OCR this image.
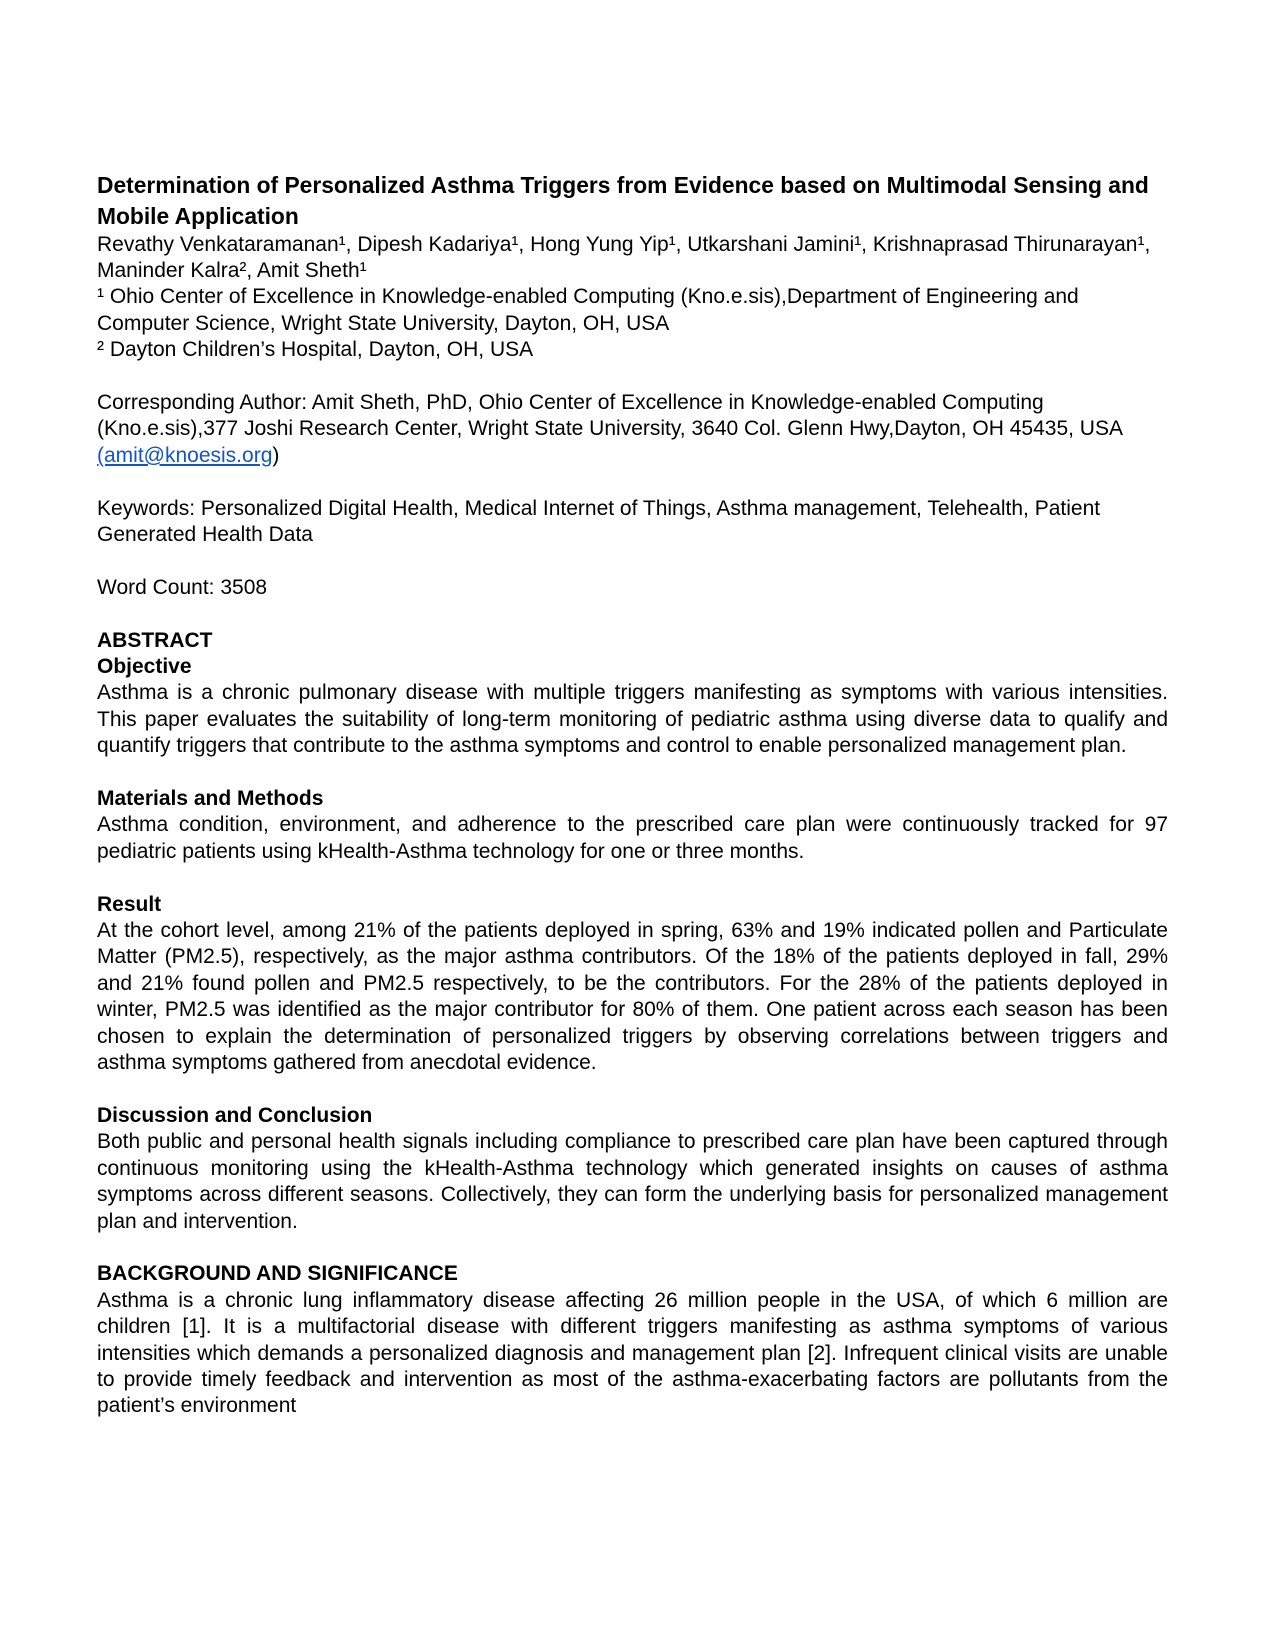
Determination of Personalized Asthma Triggers from Evidence based on Multimodal Sensing and Mobile Application

Revathy Venkataramanan¹, Dipesh Kadariya¹, Hong Yung Yip¹, Utkarshani Jamini¹, Krishnaprasad Thirunarayan¹, Maninder Kalra², Amit Sheth¹

¹ Ohio Center of Excellence in Knowledge-enabled Computing (Kno.e.sis),Department of Engineering and Computer Science, Wright State University, Dayton, OH, USA

² Dayton Children’s Hospital, Dayton, OH, USA

Corresponding Author: Amit Sheth, PhD, Ohio Center of Excellence in Knowledge-enabled Computing (Kno.e.sis),377 Joshi Research Center, Wright State University, 3640 Col. Glenn Hwy,Dayton, OH 45435, USA (amit@knoesis.org)

Keywords: Personalized Digital Health, Medical Internet of Things, Asthma management, Telehealth, Patient Generated Health Data

Word Count: 3508

ABSTRACT
Objective

Asthma is a chronic pulmonary disease with multiple triggers manifesting as symptoms with various intensities. This paper evaluates the suitability of long-term monitoring of pediatric asthma using diverse data to qualify and quantify triggers that contribute to the asthma symptoms and control to enable personalized management plan.

Materials and Methods

Asthma condition, environment, and adherence to the prescribed care plan were continuously tracked for 97 pediatric patients using kHealth-Asthma technology for one or three months.

Result

At the cohort level, among 21% of the patients deployed in spring, 63% and 19% indicated pollen and Particulate Matter (PM2.5), respectively, as the major asthma contributors. Of the 18% of the patients deployed in fall, 29% and 21% found pollen and PM2.5 respectively, to be the contributors. For the 28% of the patients deployed in winter, PM2.5 was identified as the major contributor for 80% of them. One patient across each season has been chosen to explain the determination of personalized triggers by observing correlations between triggers and asthma symptoms gathered from anecdotal evidence.

Discussion and Conclusion

Both public and personal health signals including compliance to prescribed care plan have been captured through continuous monitoring using the kHealth-Asthma technology which generated insights on causes of asthma symptoms across different seasons. Collectively, they can form the underlying basis for personalized management plan and intervention.

BACKGROUND AND SIGNIFICANCE

Asthma is a chronic lung inflammatory disease affecting 26 million people in the USA, of which 6 million are children [1]. It is a multifactorial disease with different triggers manifesting as asthma symptoms of various intensities which demands a personalized diagnosis and management plan [2]. Infrequent clinical visits are unable to provide timely feedback and intervention as most of the asthma-exacerbating factors are pollutants from the patient’s environment
